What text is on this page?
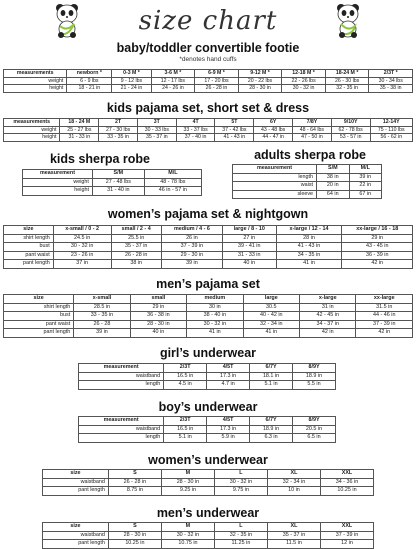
size chart
baby/toddler convertible footie
*denotes hand cuffs
kids pajama set, short set & dress
kids sherpa robe	adults sherpa robe
women’s pajama set & nightgown
men’s pajama set
girl’s underwear
boy’s underwear
women’s underwear
men’s underwear
measurements	newborn *	0-3 M *	3-6 M *	6-9 M *	9-12 M *	12-18 M *	18-24 M *	2/3T *
weight	6 - 9 lbs	9 - 12 lbs	12 - 17 lbs	17 - 20 lbs	20 - 22 lbs	22 - 26 lbs	26 - 30 lbs	30 - 34 lbs
height	18 - 21 in	21 - 24 in	24 - 26 in	26 - 28 in	28 - 30 in	30 - 32 in	32 - 35 in	35 - 38 in
measurements	18 - 24 M	2T	3T	4T	5T	6Y	7/8Y	9/10Y	12-14Y
weight	25 - 27 lbs	27 - 30 lbs	30 - 33 lbs	33 - 37 lbs	37 - 42 lbs	43 - 48 lbs	48 - 64 lbs	62 - 78 lbs	75 - 110 lbs
height	31 - 33 in	33 - 35 in	35 - 37 in	37 - 40 in	41 - 43 in	44 - 47 in	47 - 50 in	53 - 57 in	56 - 62 in
measurement	S/M	M/L
weight	27 - 48 lbs	48 - 78 lbs
height	31 - 40 in	46 in - 57 in
measurement	S/M	M/L
length	38 in	39 in
waist	20 in	22 in
sleeve	64 in	67 in
size	x-small / 0 - 2	small / 2 - 4	medium / 4 - 6	large / 8 - 10	x-large / 12 - 14	xx-large / 16 - 18
shirt length	24.5 in	25.5 in	26 in	27 in	28 in	29 in
bust	30 - 32 in	35 - 37 in	37 - 39 in	39 - 41 in	41 - 43 in	43 - 45 in
pant waist	23 - 26 in	26 - 28 in	29 - 30 in	31 - 33 in	34 - 35 in	36 - 39 in
pant length	37 in	38 in	39 in	40 in	41 in	42 in
size	x-small	small	medium	large	x-large	xx-large
shirt length	28.5 in	29 in	30 in	30.5	31 in	31.5 in
bust	33 - 35 in	36 - 38 in	38 - 40 in	40 - 42 in	42 - 45 in	44 - 46 in
pant waist	26 - 28	28 - 30 in	30 - 32 in	32 - 34 in	34 - 37 in	37 - 39 in
pant length	39 in	40 in	41 in	41 in	42 in	42 in
measurement	2/3T	4/5T	6/7Y	8/9Y
waistband	16.5 in	17.3 in	18.1 in	18.9 in
length	4.5 in	4.7 in	5.1 in	5.5 in
measurement	2/3T	4/5T	6/7Y	8/9Y
waistband	16.5 in	17.3 in	18.9 in	20.5 in
length	5.1 in	5.9 in	6.3 in	6.5 in
size	S	M	L	XL	XXL
waistband	26 - 28 in	28 - 30 in	30 - 32 in	32 - 34 in	34 - 36 in
pant length	8.75 in	9.25 in	9.75 in	10 in	10.25 in
size	S	M	L	XL	XXL
waistband	28 - 30 in	30 - 32 in	32 - 35 in	35 - 37 in	37 - 39 in
pant length	10.25 in	10.75 in	11.25 in	11.5 in	12 in
